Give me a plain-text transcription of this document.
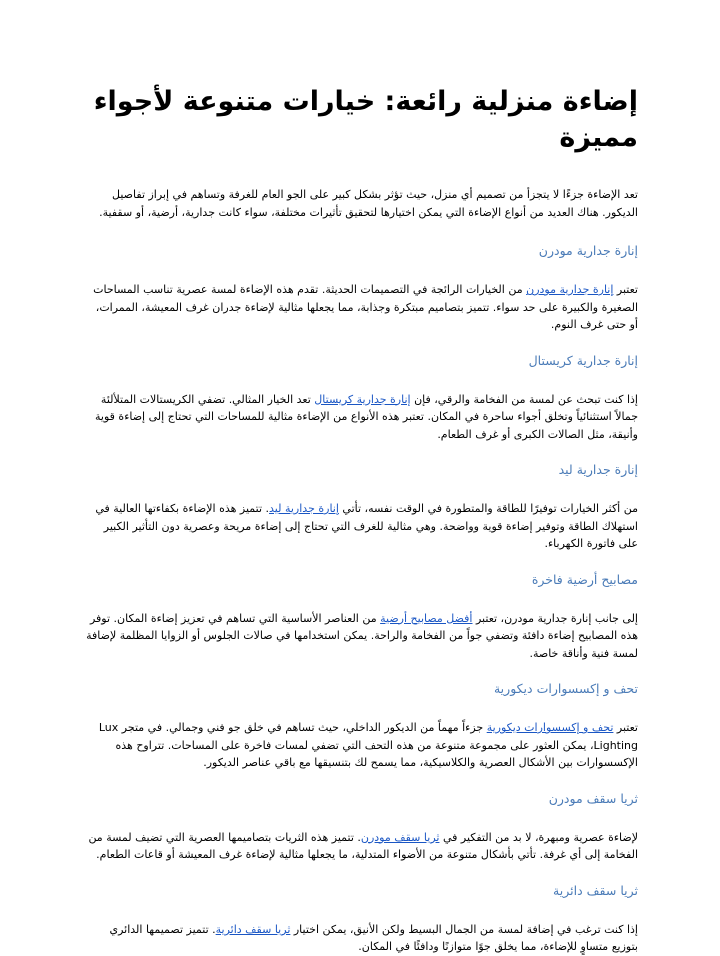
إضاءة منزلية رائعة: خيارات متنوعة لأجواء مميزة

تعد الإضاءة جزءًا لا يتجزأ من تصميم أي منزل، حيث تؤثر بشكل كبير على الجو العام للغرفة وتساهم في إبراز تفاصيل الديكور. هناك العديد من أنواع الإضاءة التي يمكن اختيارها لتحقيق تأثيرات مختلفة، سواء كانت جدارية، أرضية، أو سقفية.

إنارة جدارية مودرن

تعتبر إنارة جدارية مودرن من الخيارات الرائجة في التصميمات الحديثة. تقدم هذه الإضاءة لمسة عصرية تناسب المساحات الصغيرة والكبيرة على حد سواء. تتميز بتصاميم مبتكرة وجذابة، مما يجعلها مثالية لإضاءة جدران غرف المعيشة، الممرات، أو حتى غرف النوم.

إنارة جدارية كريستال

إذا كنت تبحث عن لمسة من الفخامة والرقي، فإن إنارة جدارية كريستال تعد الخيار المثالي. تضفي الكريستالات المتلألئة جمالاً استثنائياً وتخلق أجواء ساحرة في المكان. تعتبر هذه الأنواع من الإضاءة مثالية للمساحات التي تحتاج إلى إضاءة قوية وأنيقة، مثل الصالات الكبرى أو غرف الطعام.

إنارة جدارية ليد

من أكثر الخيارات توفيرًا للطاقة والمتطورة في الوقت نفسه، تأتي إنارة جدارية ليد. تتميز هذه الإضاءة بكفاءتها العالية في استهلاك الطاقة وتوفير إضاءة قوية وواضحة. وهي مثالية للغرف التي تحتاج إلى إضاءة مريحة وعصرية دون التأثير الكبير على فاتورة الكهرباء.

مصابيح أرضية فاخرة

إلى جانب إنارة جدارية مودرن، تعتبر أفضل مصابيح أرضية من العناصر الأساسية التي تساهم في تعزيز إضاءة المكان. توفر هذه المصابيح إضاءة دافئة وتضفي جواً من الفخامة والراحة. يمكن استخدامها في صالات الجلوس أو الزوايا المظلمة لإضافة لمسة فنية وأناقة خاصة.

تحف و إكسسوارات ديكورية

تعتبر تحف و إكسسوارات ديكورية جزءاً مهماً من الديكور الداخلي، حيث تساهم في خلق جو فني وجمالي. في متجر Lux Lighting، يمكن العثور على مجموعة متنوعة من هذه التحف التي تضفي لمسات فاخرة على المساحات. تتراوح هذه الإكسسوارات بين الأشكال العصرية والكلاسيكية، مما يسمح لك بتنسيقها مع باقي عناصر الديكور.

ثريا سقف مودرن

لإضاءة عصرية ومبهرة، لا بد من التفكير في ثريا سقف مودرن. تتميز هذه الثريات بتصاميمها العصرية التي تضيف لمسة من الفخامة إلى أي غرفة. تأتي بأشكال متنوعة من الأضواء المتدلية، ما يجعلها مثالية لإضاءة غرف المعيشة أو قاعات الطعام.

ثريا سقف دائرية

إذا كنت ترغب في إضافة لمسة من الجمال البسيط ولكن الأنيق، يمكن اختيار ثريا سقف دائرية. تتميز تصميمها الدائري بتوزيع متساوٍ للإضاءة، مما يخلق جوًا متوازنًا ودافئًا في المكان.
